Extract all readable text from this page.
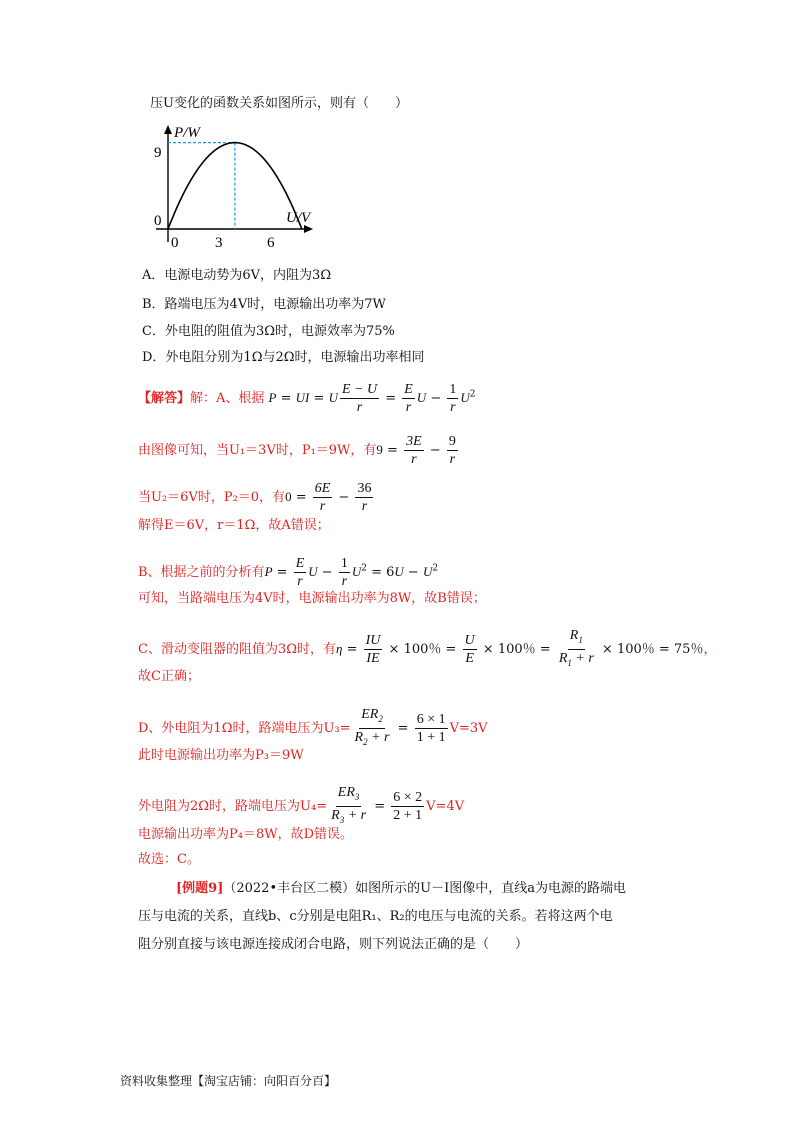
压U变化的函数关系如图所示，则有（　　）
P/W
U/V
9
0
0 3	6
A．电源电动势为6V，内阻为3Ω
B．路端电压为4V时，电源输出功率为7W
C．外电阻的阻值为3Ω时，电源效率为75%
D．外电阻分别为1Ω与2Ω时，电源输出功率相同
【解答】解：A、根据 P = UI = U $\frac{E - U}{r} = \frac{E}{r}$ $U - \frac{1}{r} U^2$
由图像可知，当U₁＝3V时，P₁＝9W，有$9 = \frac{3E}{r} - \frac{9}{r}$
当U₂＝6V时，P₂＝0，有$0 = \frac{6E}{r} - \frac{36}{r}$
解得E＝6V，r＝1Ω，故A错误；
B、根据之前的分析有$P = \frac{E}{r}$ $U - \frac{1}{r} U^2 = 6U - U^2$
可知，当路端电压为4V时，电源输出功率为8W，故B错误；
C、滑动变阻器的阻值为3Ω时，有$\eta = \frac{IU}{IE} \times 100$％ = $\frac{U}{E} \times 100$％ = $\frac{R_1}{R_1 + r} \times 100$％ = 75％，
故C正确；
D、外电阻为1Ω时，路端电压为$U_3= \frac{ER_2}{R_2 + r} = \frac{6 \times 1}{1 + 1} V=3V$
此时电源输出功率为P₃＝9W
外电阻为2Ω时，路端电压为$U_4= \frac{ER_3}{R_3 + r} = \frac{6 \times 2}{2 + 1} V=4V$
电源输出功率为P₄＝8W，故D错误。
故选：C。
[例题9]（2022•丰台区二模）如图所示的U－I图像中，直线a为电源的路端电
压与电流的关系，直线b、c分别是电阻R₁、R₂的电压与电流的关系。若将这两个电
阻分别直接与该电源连接成闭合电路，则下列说法正确的是（　　）
资料收集整理【淘宝店铺：向阳百分百】
